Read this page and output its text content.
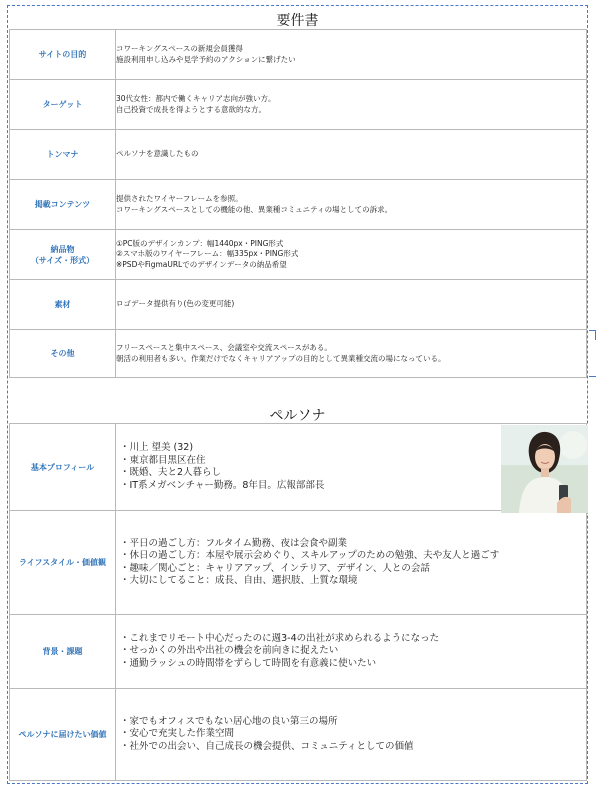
要件書
サイトの目的	コワーキングスペースの新規会員獲得
施設利用申し込みや見学予約のアクションに繋げたい

ターゲット	30代女性：都内で働くキャリア志向が強い方。
自己投資で成長を得ようとする意欲的な方。

トンマナ	ペルソナを意識したもの

掲載コンテンツ	提供されたワイヤーフレームを参照。
コワーキングスペースとしての機能の他、異業種コミュニティの場としての訴求。

納品物
（サイズ・形式）	①PC版のデザインカンプ：幅1440px・PING形式
②スマホ版のワイヤーフレーム：幅335px・PING形式
※PSDやFigmaURLでのデザインデータの納品希望

素材	ロゴデータ提供有り(色の変更可能)

その他	フリースペースと集中スペース、会議室や交流スペースがある。
朝活の利用者も多い。作業だけでなくキャリアアップの目的として異業種交流の場になっている。
ペルソナ
基本プロフィール	・川上 望美 (32)
・東京都目黒区在住
・既婚、夫と2人暮らし
・IT系メガベンチャー勤務。8年目。広報部部長

ライフスタイル・価値観	・平日の過ごし方：フルタイム勤務、夜は会食や副業
・休日の過ごし方：本屋や展示会めぐり、スキルアップのための勉強、夫や友人と過ごす
・趣味／関心ごと：キャリアアップ、インテリア、デザイン、人との会話
・大切にしてること：成長、自由、選択肢、上質な環境

背景・課題	・これまでリモート中心だったのに週3-4の出社が求められるようになった
・せっかくの外出や出社の機会を前向きに捉えたい
・通勤ラッシュの時間帯をずらして時間を有意義に使いたい

ペルソナに届けたい価値	・家でもオフィスでもない居心地の良い第三の場所
・安心で充実した作業空間
・社外での出会い、自己成長の機会提供、コミュニティとしての価値
